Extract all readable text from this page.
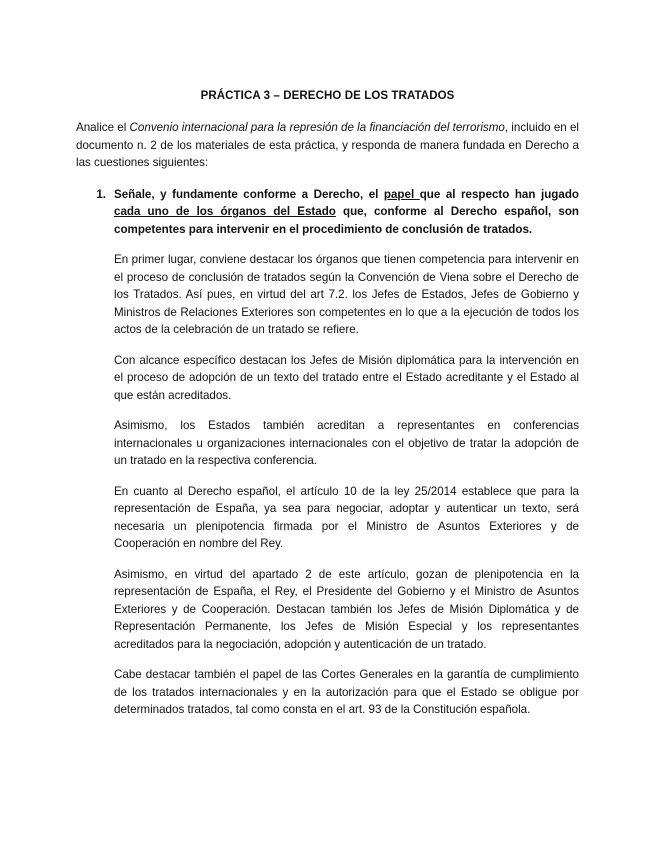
PRÁCTICA 3 – DERECHO DE LOS TRATADOS

Analice el Convenio internacional para la represión de la financiación del terrorismo, incluido en el documento n. 2 de los materiales de esta práctica, y responda de manera fundada en Derecho a las cuestiones siguientes:

1. Señale, y fundamente conforme a Derecho, el papel que al respecto han jugado cada uno de los órganos del Estado que, conforme al Derecho español, son competentes para intervenir en el procedimiento de conclusión de tratados.

En primer lugar, conviene destacar los órganos que tienen competencia para intervenir en el proceso de conclusión de tratados según la Convención de Viena sobre el Derecho de los Tratados. Así pues, en virtud del art 7.2. los Jefes de Estados, Jefes de Gobierno y Ministros de Relaciones Exteriores son competentes en lo que a la ejecución de todos los actos de la celebración de un tratado se refiere.

Con alcance específico destacan los Jefes de Misión diplomática para la intervención en el proceso de adopción de un texto del tratado entre el Estado acreditante y el Estado al que están acreditados.

Asimismo, los Estados también acreditan a representantes en conferencias internacionales u organizaciones internacionales con el objetivo de tratar la adopción de un tratado en la respectiva conferencia.

En cuanto al Derecho español, el artículo 10 de la ley 25/2014 establece que para la representación de España, ya sea para negociar, adoptar y autenticar un texto, será necesaria un plenipotencia firmada por el Ministro de Asuntos Exteriores y de Cooperación en nombre del Rey.

Asimismo, en virtud del apartado 2 de este artículo, gozan de plenipotencia en la representación de España, el Rey, el Presidente del Gobierno y el Ministro de Asuntos Exteriores y de Cooperación. Destacan también los Jefes de Misión Diplomática y de Representación Permanente, los Jefes de Misión Especial y los representantes acreditados para la negociación, adopción y autenticación de un tratado.

Cabe destacar también el papel de las Cortes Generales en la garantía de cumplimiento de los tratados internacionales y en la autorización para que el Estado se obligue por determinados tratados, tal como consta en el art. 93 de la Constitución española.
